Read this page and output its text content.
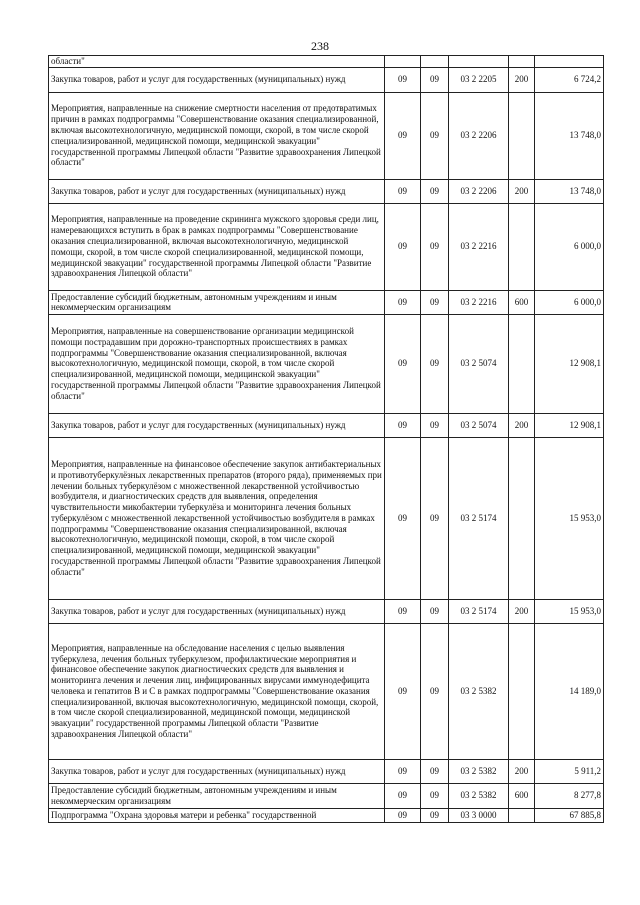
238
области"					
Закупка товаров, работ и услуг для государственных (муниципальных) нужд	09	09	03 2 2205	200	6 724,2
Мероприятия, направленные на снижение смертности населения от предотвратимых причин в рамках подпрограммы "Совершенствование оказания специализированной, включая высокотехнологичную, медицинской помощи, скорой, в том числе скорой специализированной, медицинской помощи, медицинской эвакуации" государственной программы Липецкой области "Развитие здравоохранения Липецкой области"	09	09	03 2 2206		13 748,0
Закупка товаров, работ и услуг для государственных (муниципальных) нужд	09	09	03 2 2206	200	13 748,0
Мероприятия, направленные на проведение скрининга мужского здоровья среди лиц, намеревающихся вступить в брак в рамках подпрограммы "Совершенствование оказания специализированной, включая высокотехнологичную, медицинской помощи, скорой, в том числе скорой специализированной, медицинской помощи, медицинской эвакуации" государственной программы Липецкой области "Развитие здравоохранения Липецкой области"	09	09	03 2 2216		6 000,0
Предоставление субсидий бюджетным, автономным учреждениям и иным некоммерческим организациям	09	09	03 2 2216	600	6 000,0
Мероприятия, направленные на совершенствование организации медицинской помощи пострадавшим при дорожно-транспортных происшествиях в рамках подпрограммы "Совершенствование оказания специализированной, включая высокотехнологичную, медицинской помощи, скорой, в том числе скорой специализированной, медицинской помощи, медицинской эвакуации" государственной программы Липецкой области "Развитие здравоохранения Липецкой области"	09	09	03 2 5074		12 908,1
Закупка товаров, работ и услуг для государственных (муниципальных) нужд	09	09	03 2 5074	200	12 908,1
Мероприятия, направленные на финансовое обеспечение закупок антибактериальных и противотуберкулёзных лекарственных препаратов (второго ряда), применяемых при лечении больных туберкулёзом с множественной лекарственной устойчивостью возбудителя, и диагностических средств для выявления, определения чувствительности микобактерии туберкулёза и мониторинга лечения больных туберкулёзом с множественной лекарственной устойчивостью возбудителя в рамках подпрограммы "Совершенствование оказания специализированной, включая высокотехнологичную, медицинской помощи, скорой, в том числе скорой специализированной, медицинской помощи, медицинской эвакуации" государственной программы Липецкой области "Развитие здравоохранения Липецкой области"	09	09	03 2 5174		15 953,0
Закупка товаров, работ и услуг для государственных (муниципальных) нужд	09	09	03 2 5174	200	15 953,0
Мероприятия, направленные на обследование населения с целью выявления туберкулеза, лечения больных туберкулезом, профилактические мероприятия и финансовое обеспечение закупок диагностических средств для выявления и мониторинга лечения и лечения лиц, инфицированных вирусами иммунодефицита человека и гепатитов В и С в рамках подпрограммы "Совершенствование оказания специализированной, включая высокотехнологичную, медицинской помощи, скорой, в том числе скорой специализированной, медицинской помощи, медицинской эвакуации" государственной программы Липецкой области "Развитие здравоохранения Липецкой области"	09	09	03 2 5382		14 189,0
Закупка товаров, работ и услуг для государственных (муниципальных) нужд	09	09	03 2 5382	200	5 911,2
Предоставление субсидий бюджетным, автономным учреждениям и иным некоммерческим организациям	09	09	03 2 5382	600	8 277,8
Подпрограмма "Охрана здоровья матери и ребенка" государственной	09	09	03 3 0000		67 885,8
